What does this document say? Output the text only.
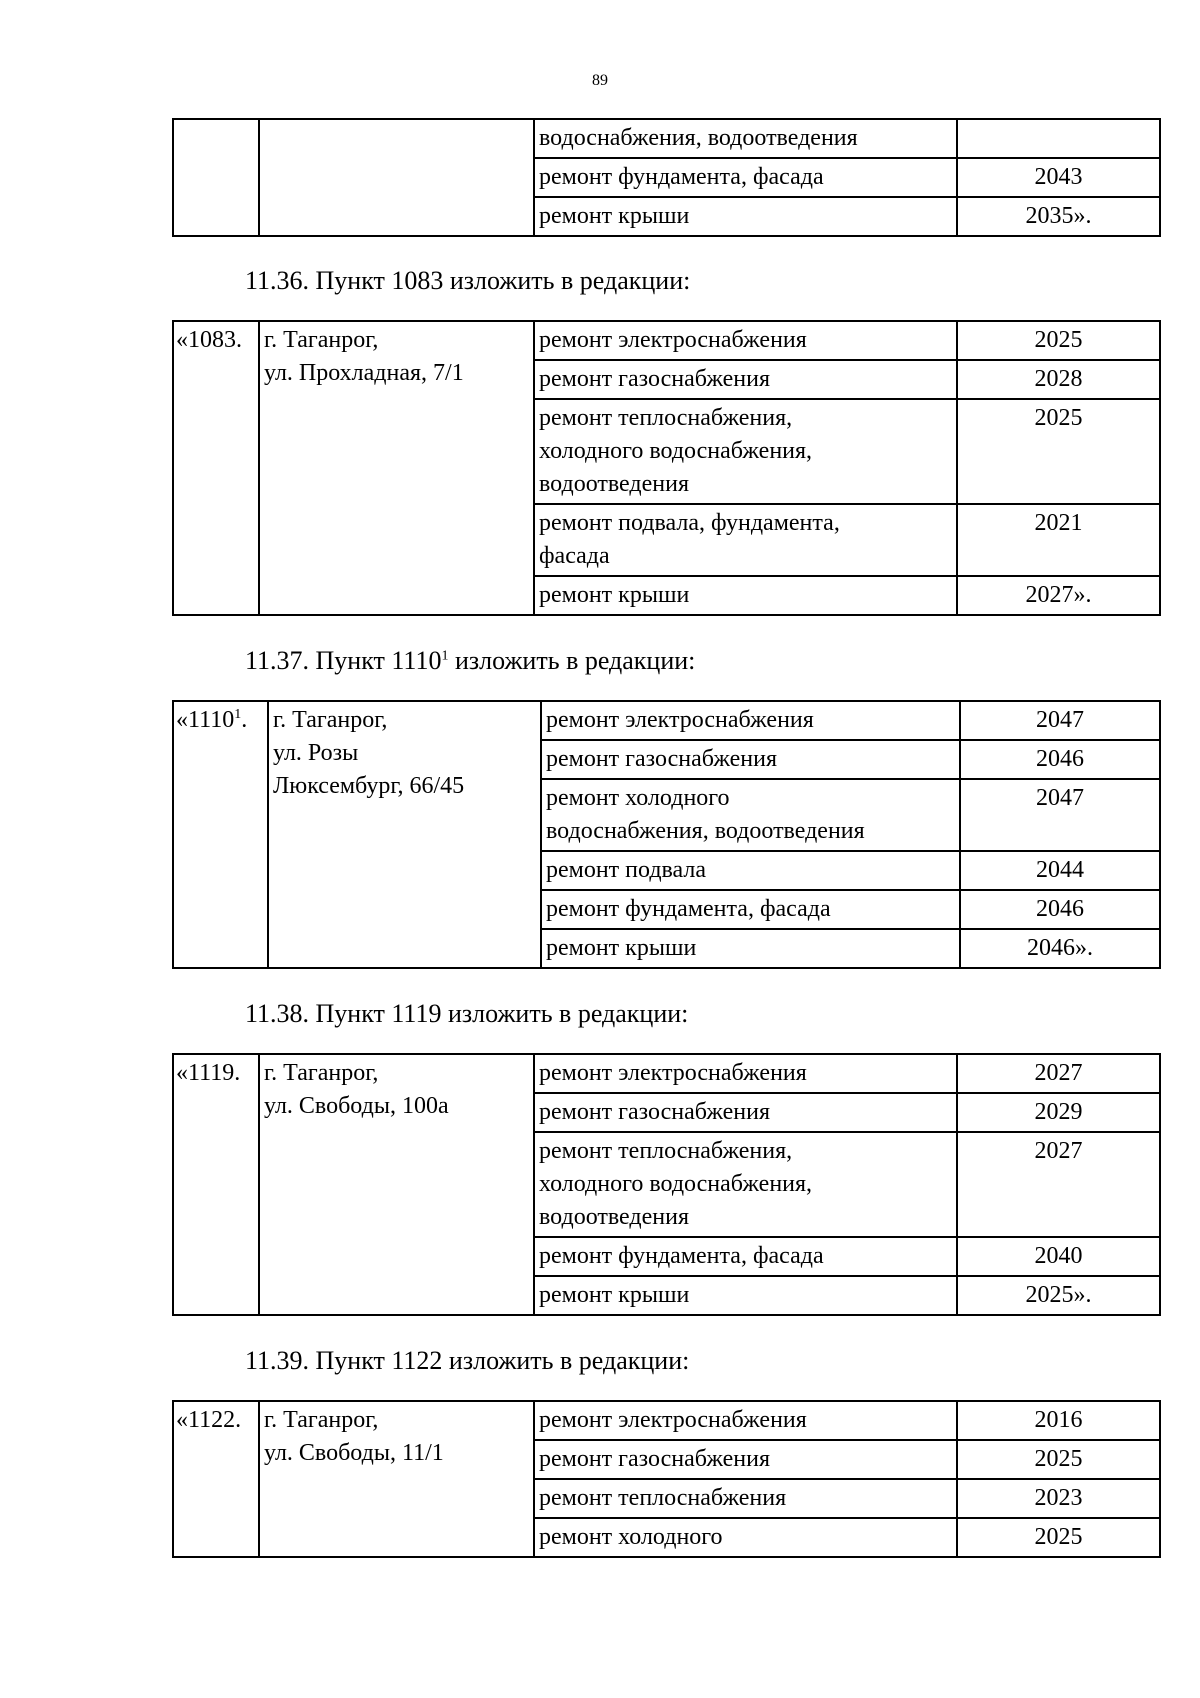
89
		водоснабжения, водоотведения	
		ремонт фундамента, фасада	2043
		ремонт крыши	2035».
11.36. Пункт 1083 изложить в редакции:
«1083.	г. Таганрог,
ул. Прохладная, 7/1	ремонт электроснабжения	2025

		ремонт газоснабжения	2028

		ремонт теплоснабжения,
холодного водоснабжения,
водоотведения	2025

		ремонт подвала, фундамента,
фасада	2021

		ремонт крыши	2027».
11.37. Пункт 1110$^1$ изложить в редакции:
«1110$^1$.	г. Таганрог,
ул. Розы
Люксембург, 66/45	ремонт электроснабжения	2047

		ремонт газоснабжения	2046

		ремонт холодного
водоснабжения, водоотведения	2047

		ремонт подвала	2044

		ремонт фундамента, фасада	2046

		ремонт крыши	2046».
11.38. Пункт 1119 изложить в редакции:
«1119.	г. Таганрог,
ул. Свободы, 100а	ремонт электроснабжения	2027

		ремонт газоснабжения	2029

		ремонт теплоснабжения,
холодного водоснабжения,
водоотведения	2027

		ремонт фундамента, фасада	2040

		ремонт крыши	2025».
11.39. Пункт 1122 изложить в редакции:
«1122.	г. Таганрог,
ул. Свободы, 11/1	ремонт электроснабжения	2016

		ремонт газоснабжения	2025

		ремонт теплоснабжения	2023

		ремонт холодного	2025
